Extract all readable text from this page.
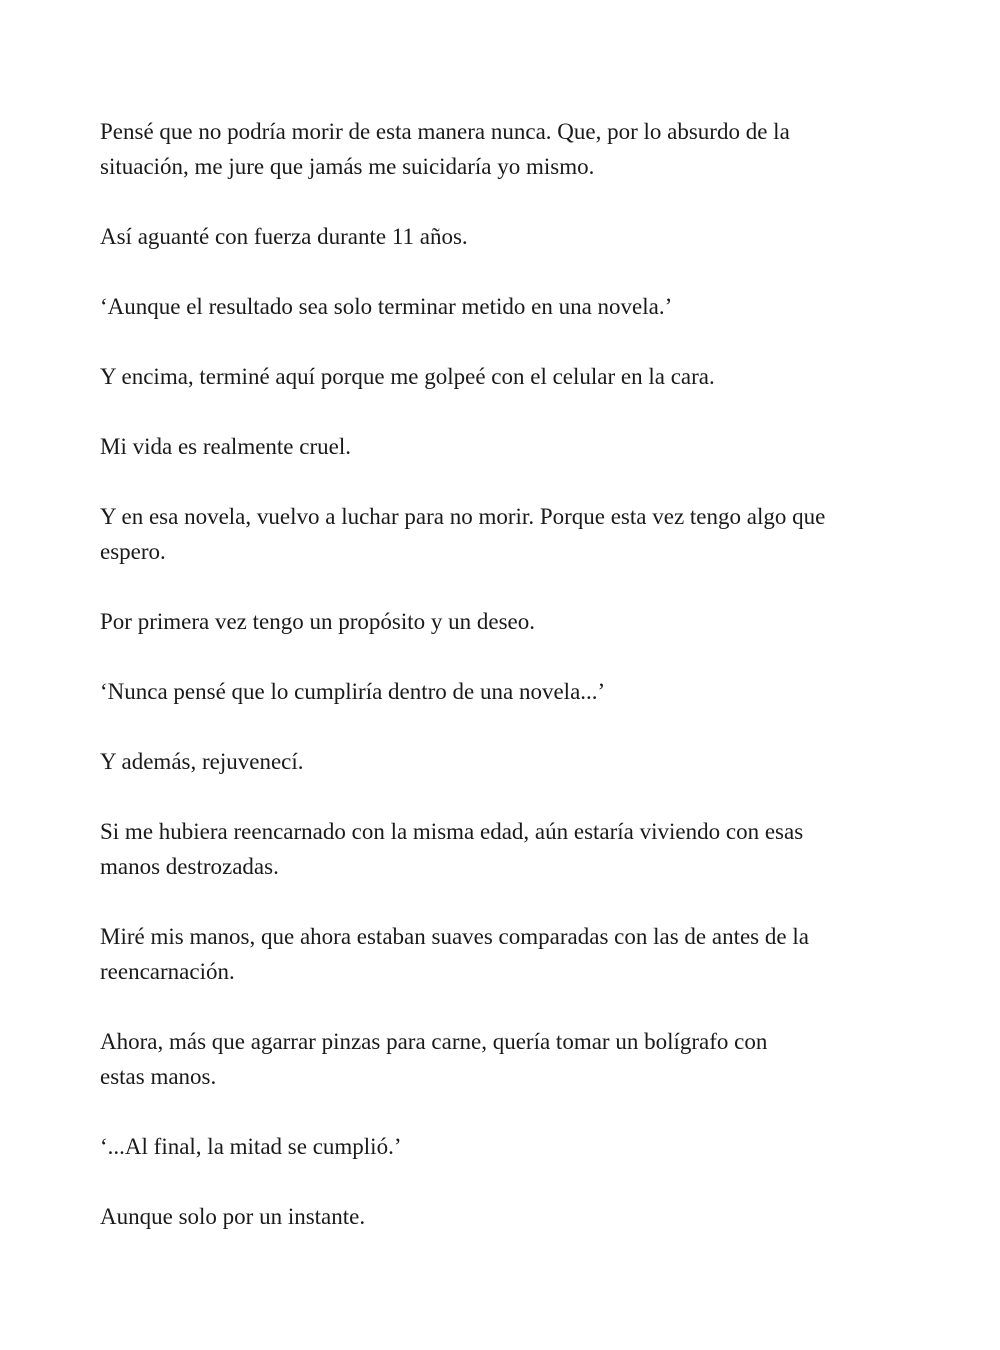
Pensé que no podría morir de esta manera nunca. Que, por lo absurdo de la
situación, me jure que jamás me suicidaría yo mismo.

Así aguanté con fuerza durante 11 años.

‘Aunque el resultado sea solo terminar metido en una novela.’

Y encima, terminé aquí porque me golpeé con el celular en la cara.

Mi vida es realmente cruel.

Y en esa novela, vuelvo a luchar para no morir. Porque esta vez tengo algo que
espero.

Por primera vez tengo un propósito y un deseo.

‘Nunca pensé que lo cumpliría dentro de una novela...’

Y además, rejuvenecí.

Si me hubiera reencarnado con la misma edad, aún estaría viviendo con esas
manos destrozadas.

Miré mis manos, que ahora estaban suaves comparadas con las de antes de la
reencarnación.

Ahora, más que agarrar pinzas para carne, quería tomar un bolígrafo con
estas manos.

‘...Al final, la mitad se cumplió.’

Aunque solo por un instante.
